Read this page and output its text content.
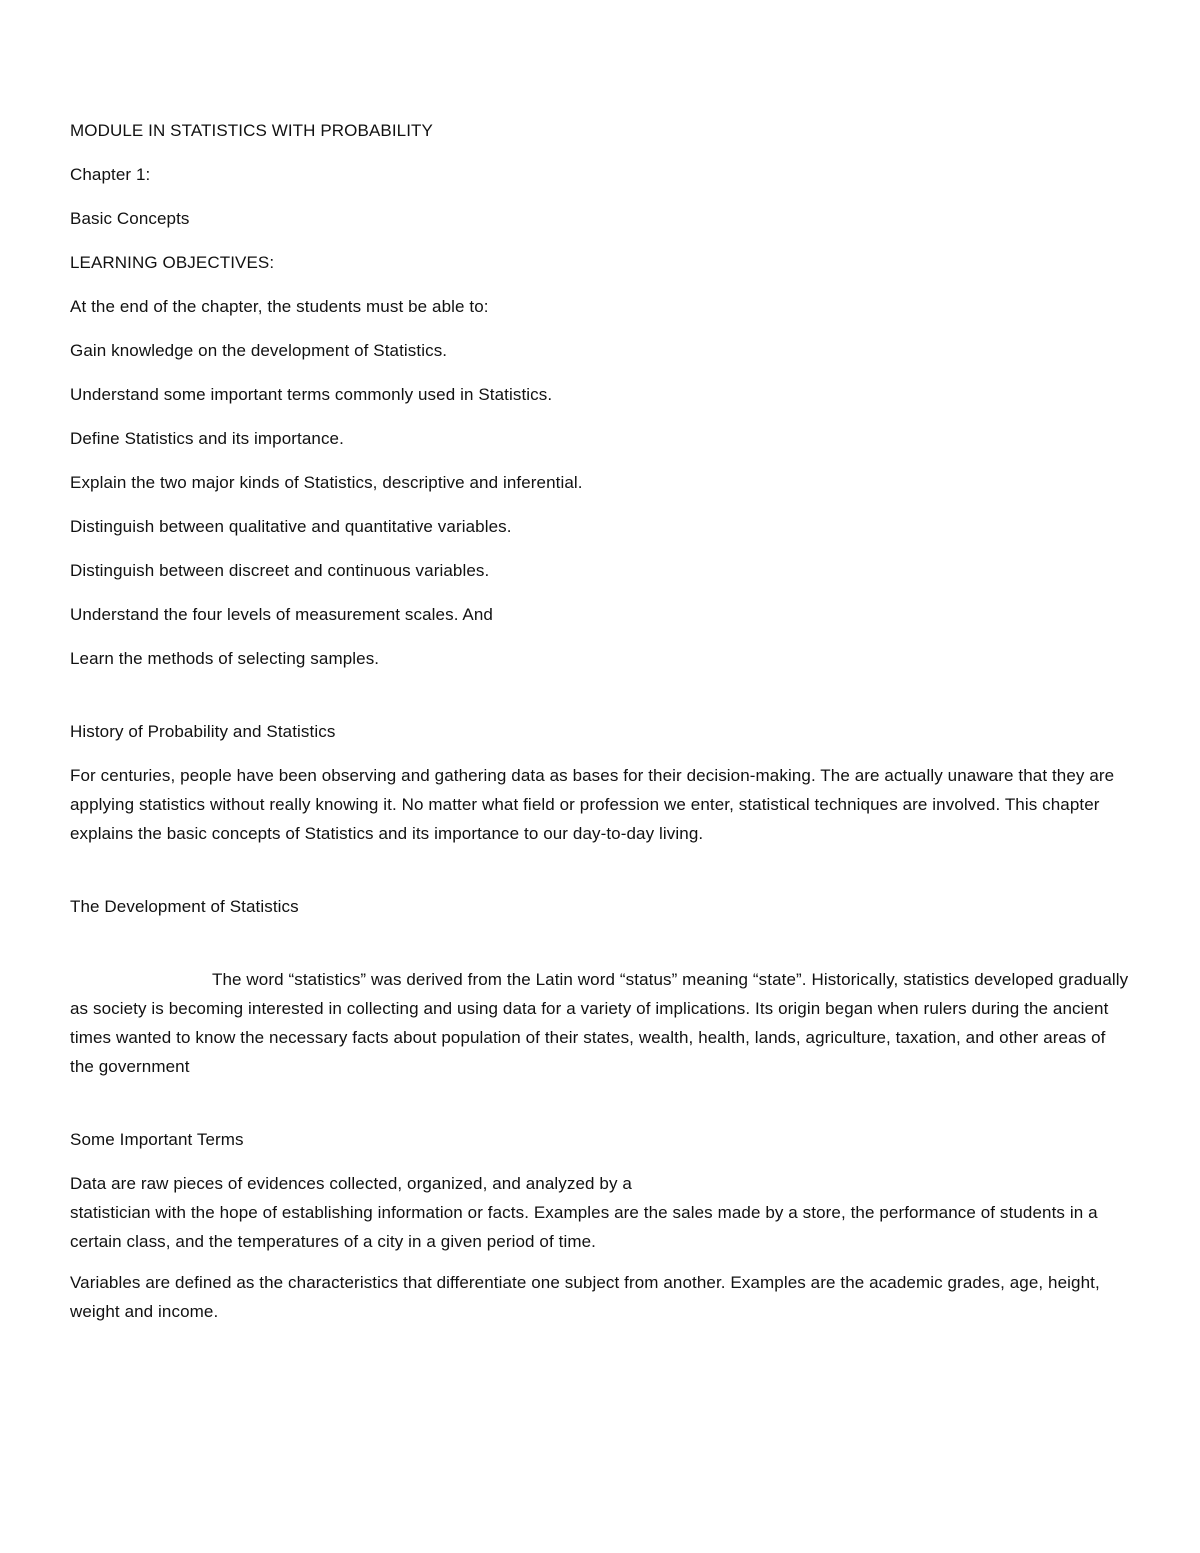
MODULE IN STATISTICS WITH PROBABILITY
Chapter 1:
Basic Concepts
LEARNING OBJECTIVES:
At the end of the chapter, the students must be able to:
Gain knowledge on the development of Statistics.
Understand some important terms commonly used in Statistics.
Define Statistics and its importance.
Explain the two major kinds of Statistics, descriptive and inferential.
Distinguish between qualitative and quantitative variables.
Distinguish between discreet and continuous variables.
Understand the four levels of measurement scales. And
Learn the methods of selecting samples.
History of Probability and Statistics
For centuries, people have been observing and gathering data as bases for their decision-making. The are actually unaware that they are applying statistics without really knowing it. No matter what field or profession we enter, statistical techniques are involved. This chapter explains the basic concepts of Statistics and its importance to our day-to-day living.
The Development of Statistics
The word “statistics” was derived from the Latin word “status” meaning “state”. Historically, statistics developed gradually as society is becoming interested in collecting and using data for a variety of implications. Its origin began when rulers during the ancient times wanted to know the necessary facts about population of their states, wealth, health, lands, agriculture, taxation, and other areas of the government
Some Important Terms
Data are raw pieces of evidences collected, organized, and analyzed by a
statistician with the hope of establishing information or facts. Examples are the sales made by a store, the performance of students in a certain class, and the temperatures of a city in a given period of time.
Variables are defined as the characteristics that differentiate one subject from another. Examples are the academic grades, age, height, weight and income.
